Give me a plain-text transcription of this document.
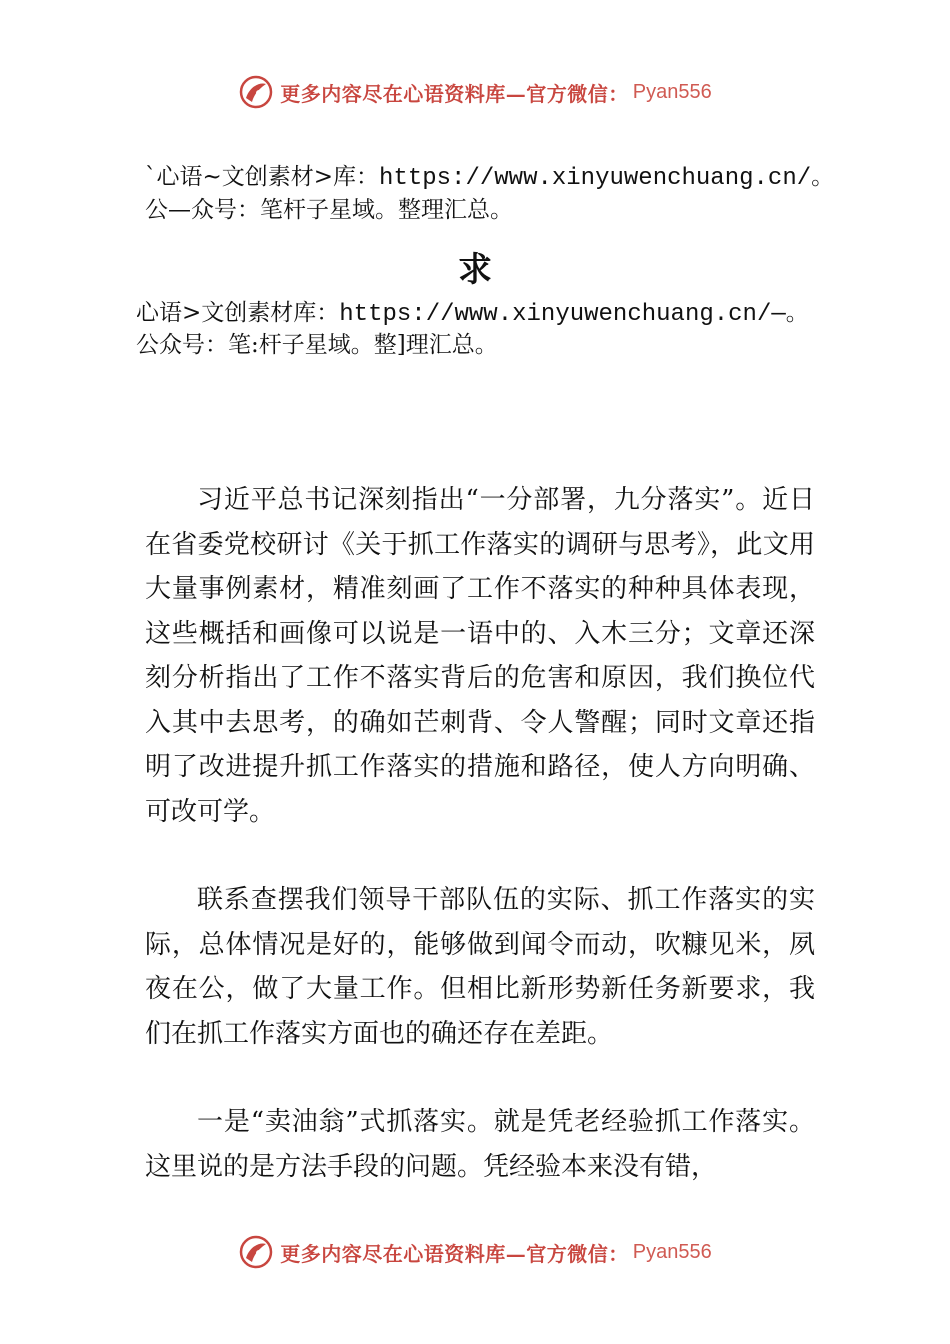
更多内容尽在心语资料库—官方微信： Pyan556
`心语~文创素材>库：https://www.xinyuwenchuang.cn/。
公—众号：笔杆子星域。整理汇总。
求
心语>文创素材库：https://www.xinyuwenchuang.cn/—。
公众号：笔:杆子星域。整]理汇总。

习近平总书记深刻指出“一分部署，九分落实”。近日在省委党校研讨《关于抓工作落实的调研与思考》，此文用大量事例素材，精准刻画了工作不落实的种种具体表现，这些概括和画像可以说是一语中的、入木三分；文章还深刻分析指出了工作不落实背后的危害和原因，我们换位代入其中去思考，的确如芒刺背、令人警醒；同时文章还指明了改进提升抓工作落实的措施和路径，使人方向明确、可改可学。

联系查摆我们领导干部队伍的实际、抓工作落实的实际，总体情况是好的，能够做到闻令而动，吹糠见米，夙夜在公，做了大量工作。但相比新形势新任务新要求，我们在抓工作落实方面也的确还存在差距。

一是“卖油翁”式抓落实。就是凭老经验抓工作落实。这里说的是方法手段的问题。凭经验本来没有错，

更多内容尽在心语资料库—官方微信： Pyan556
